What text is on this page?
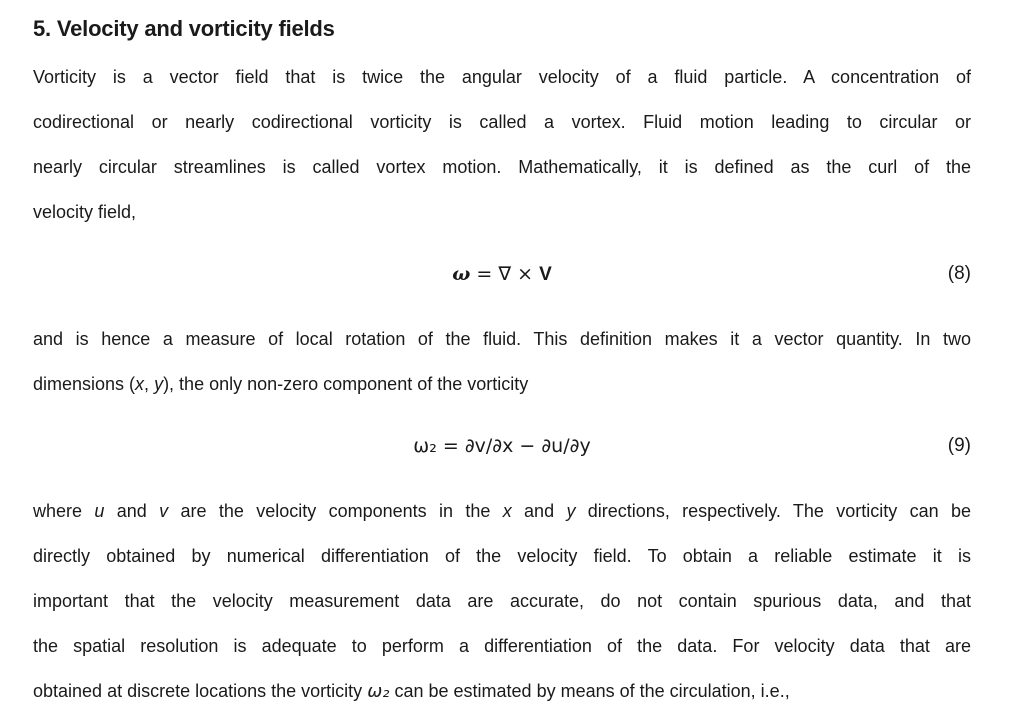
5. Velocity and vorticity fields

Vorticity is a vector field that is twice the angular velocity of a fluid particle. A concentration of
codirectional or nearly codirectional vorticity is called a vortex. Fluid motion leading to circular or
nearly circular streamlines is called vortex motion. Mathematically, it is defined as the curl of the
velocity field,

ω = ∇ × V	(8)

and is hence a measure of local rotation of the fluid. This definition makes it a vector quantity. In two
dimensions (x, y), the only non-zero component of the vorticity

ω₂ = ∂v/∂x − ∂u/∂y	(9)

where u and v are the velocity components in the x and y directions, respectively. The vorticity can be
directly obtained by numerical differentiation of the velocity field. To obtain a reliable estimate it is
important that the velocity measurement data are accurate, do not contain spurious data, and that
the spatial resolution is adequate to perform a differentiation of the data. For velocity data that are
obtained at discrete locations the vorticity ω₂ can be estimated by means of the circulation, i.e.,
